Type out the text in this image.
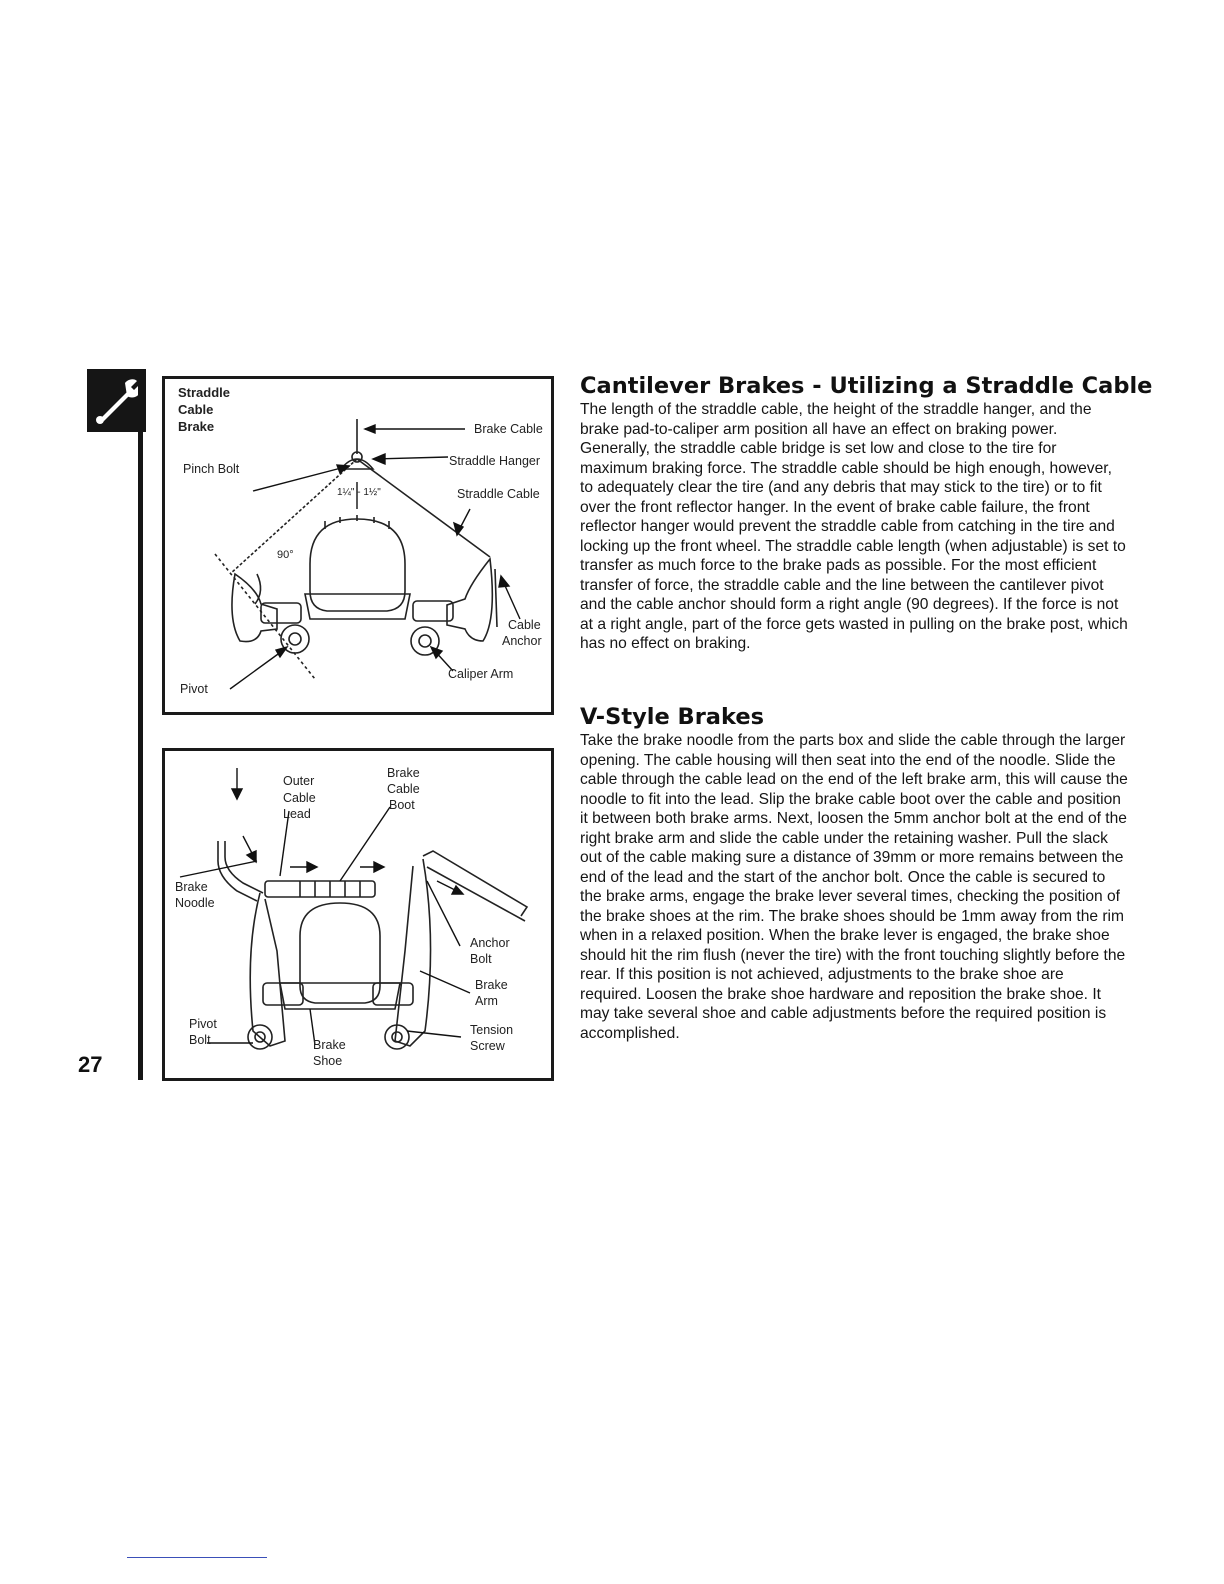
27
Straddle
Cable
Brake	Brake Cable
Straddle Hanger
Pinch Bolt
Straddle Cable
1¼" - 1½"
90°
Cable
Anchor
Caliper Arm
Pivot
Outer
Cable
Lead
Brake
Cable
Boot
Brake
Noodle
Anchor
Bolt
Brake
Arm
Pivot
Bolt	Brake
Shoe
Tension
Screw
Cantilever Brakes - Utilizing a Straddle Cable

The length of the straddle cable, the height of the straddle hanger, and the brake pad-to-caliper arm position all have an effect on braking power. Generally, the straddle cable bridge is set low and close to the tire for maximum braking force. The straddle cable should be high enough, however, to adequately clear the tire (and any debris that may stick to the tire) or to fit over the front reflector hanger. In the event of brake cable failure, the front reflector hanger would prevent the straddle cable from catching in the tire and locking up the front wheel. The straddle cable length (when adjustable) is set to transfer as much force to the brake pads as possible. For the most efficient transfer of force, the straddle cable and the line between the cantilever pivot and the cable anchor should form a right angle (90 degrees). If the force is not at a right angle, part of the force gets wasted in pulling on the brake post, which has no effect on braking.

V-Style Brakes

Take the brake noodle from the parts box and slide the cable through the larger opening. The cable housing will then seat into the end of the noodle. Slide the cable through the cable lead on the end of the left brake arm, this will cause the noodle to fit into the lead. Slip the brake cable boot over the cable and position it between both brake arms. Next, loosen the 5mm anchor bolt at the end of the right brake arm and slide the cable under the retaining washer. Pull the slack out of the cable making sure a distance of 39mm or more remains between the end of the lead and the start of the anchor bolt. Once the cable is secured to the brake arms, engage the brake lever several times, checking the position of the brake shoes at the rim. The brake shoes should be 1mm away from the rim when in a relaxed position. When the brake lever is engaged, the brake shoe should hit the rim flush (never the tire) with the front touching slightly before the rear. If this position is not achieved, adjustments to the brake shoe are required. Loosen the brake shoe hardware and reposition the brake shoe. It may take several shoe and cable adjustments before the required position is accomplished.
